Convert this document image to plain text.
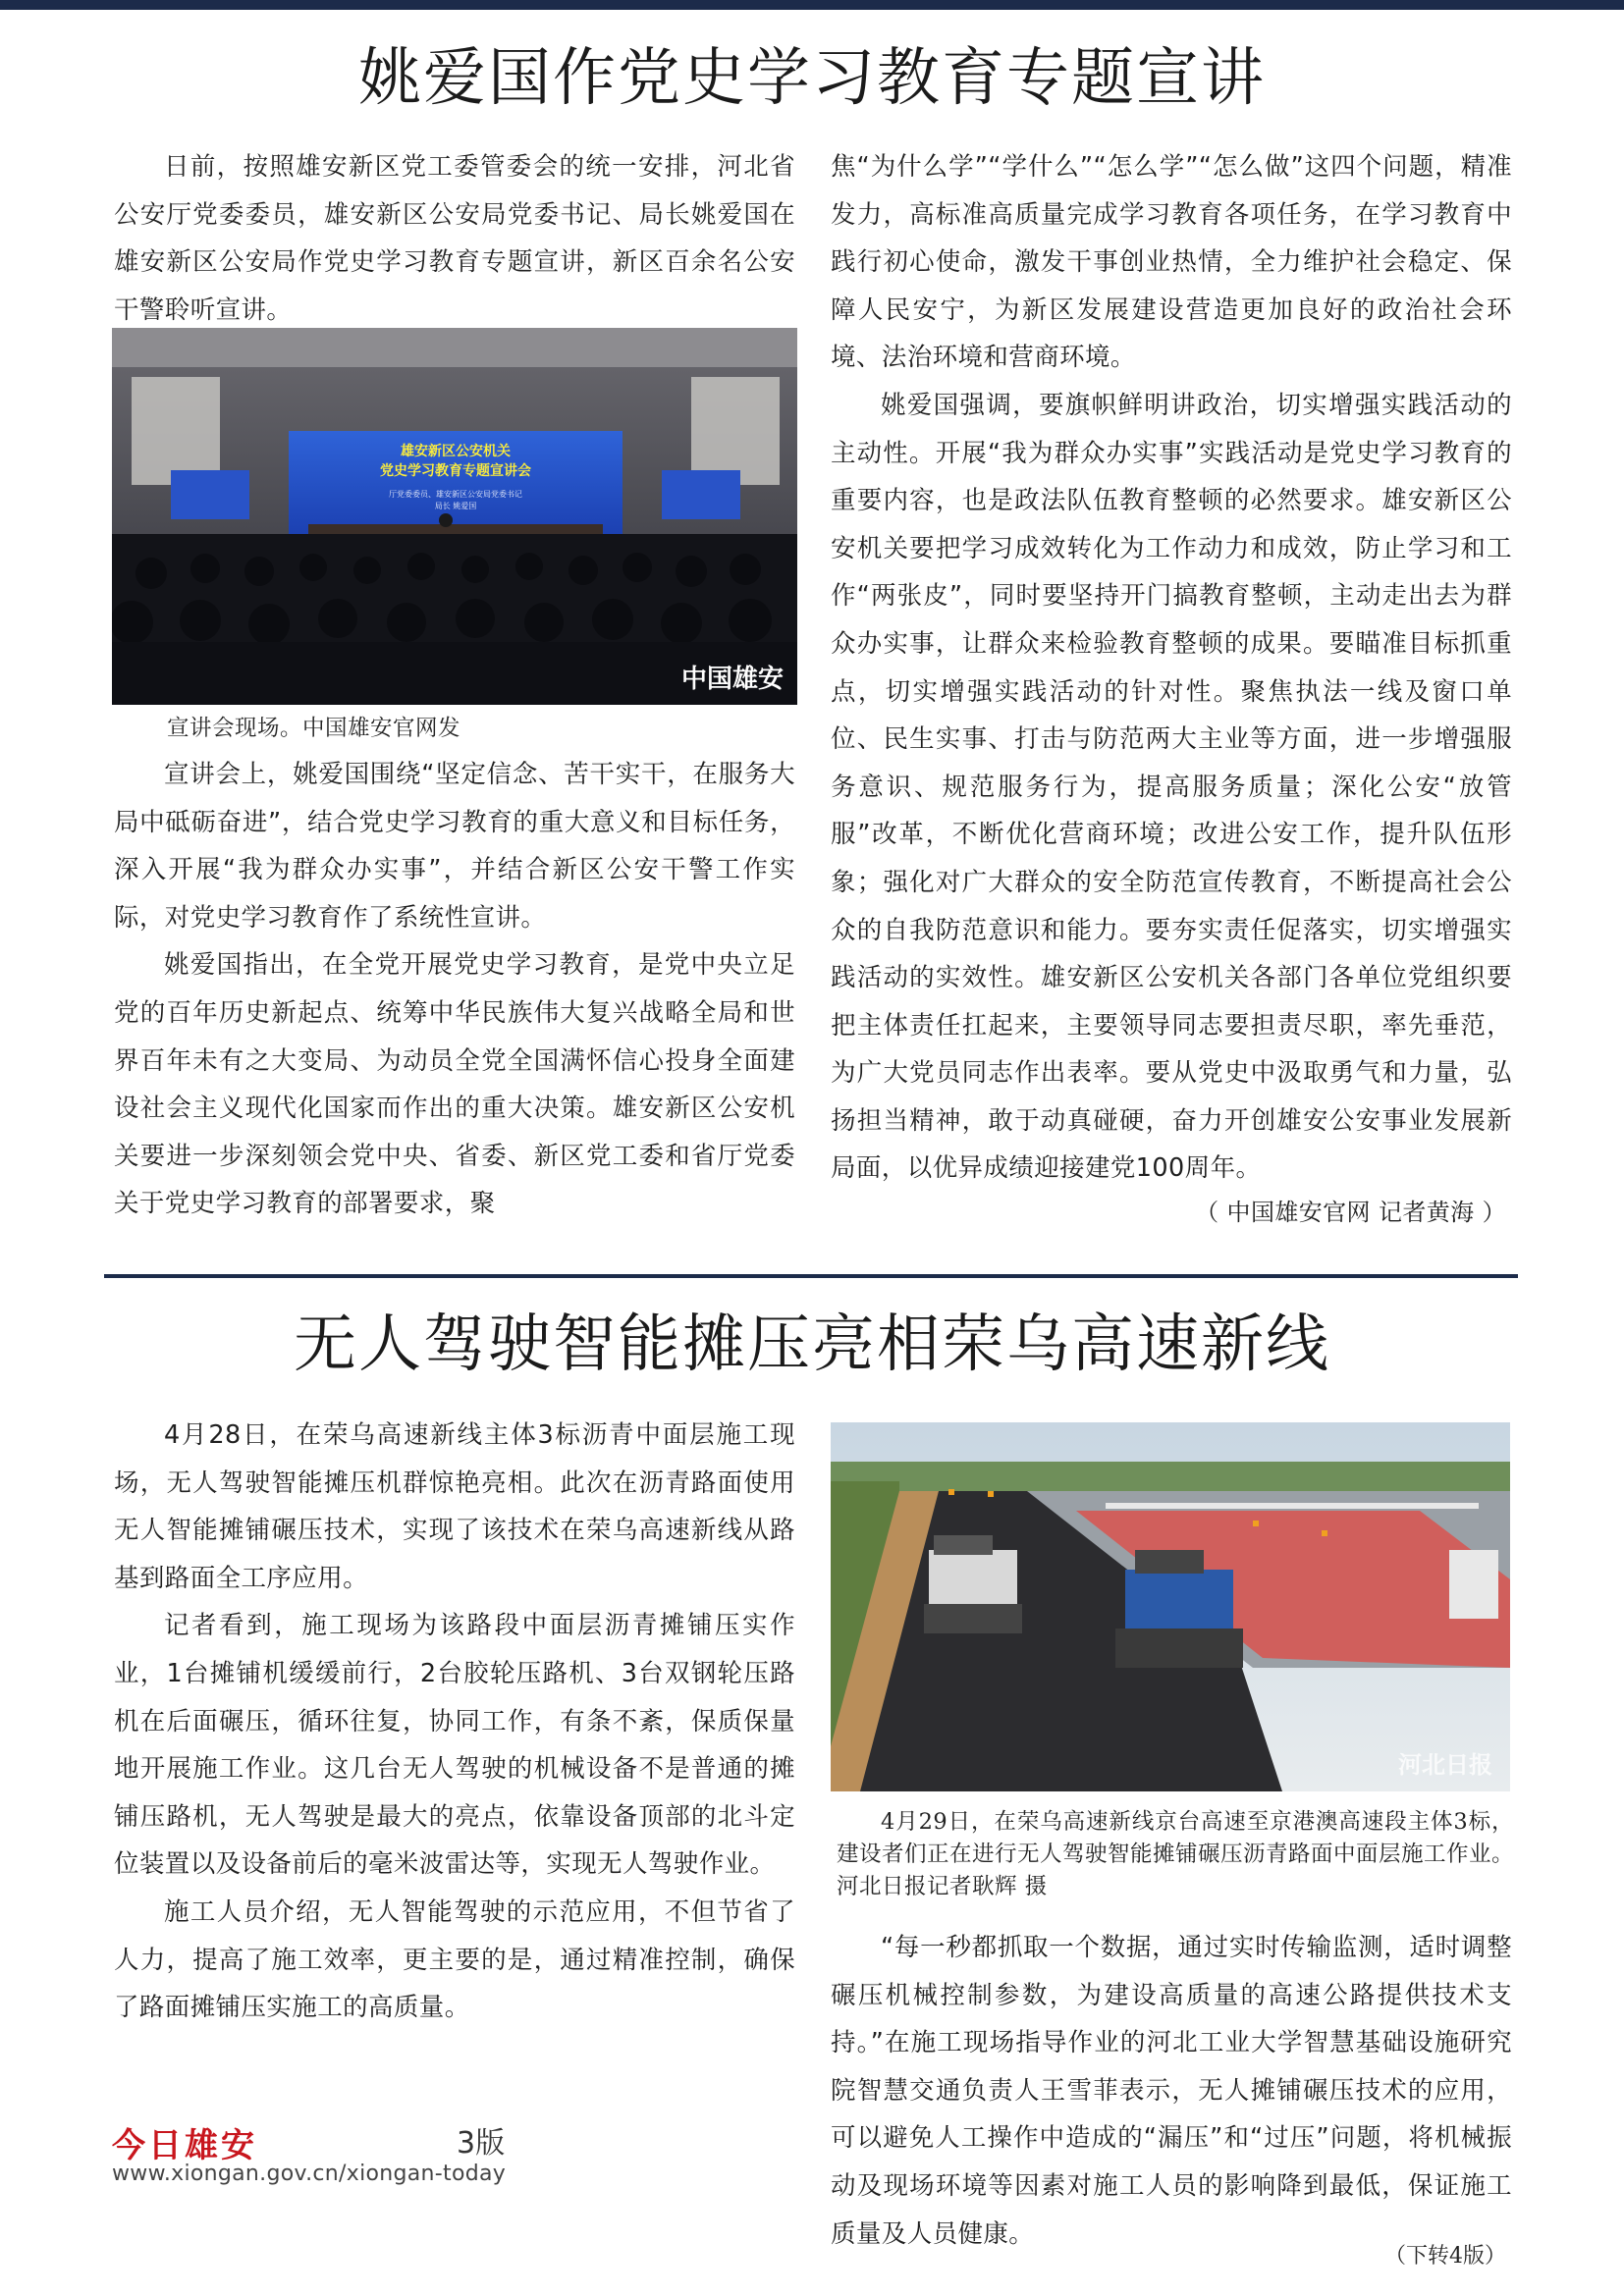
姚爱国作党史学习教育专题宣讲

日前，按照雄安新区党工委管委会的统一安排，河北省公安厅党委委员，雄安新区公安局党委书记、局长姚爱国在雄安新区公安局作党史学习教育专题宣讲，新区百余名公安干警聆听宣讲。

雄安新区公安机关
党史学习教育专题宣讲会
厅党委委员、雄安新区公安局党委书记
局长 姚爱国
中国雄安
宣讲会现场。中国雄安官网发

宣讲会上，姚爱国围绕“坚定信念、苦干实干，在服务大局中砥砺奋进”，结合党史学习教育的重大意义和目标任务，深入开展“我为群众办实事”，并结合新区公安干警工作实际，对党史学习教育作了系统性宣讲。

姚爱国指出，在全党开展党史学习教育，是党中央立足党的百年历史新起点、统筹中华民族伟大复兴战略全局和世界百年未有之大变局、为动员全党全国满怀信心投身全面建设社会主义现代化国家而作出的重大决策。雄安新区公安机关要进一步深刻领会党中央、省委、新区党工委和省厅党委关于党史学习教育的部署要求，聚

焦“为什么学”“学什么”“怎么学”“怎么做”这四个问题，精准发力，高标准高质量完成学习教育各项任务，在学习教育中践行初心使命，激发干事创业热情，全力维护社会稳定、保障人民安宁，为新区发展建设营造更加良好的政治社会环境、法治环境和营商环境。

姚爱国强调，要旗帜鲜明讲政治，切实增强实践活动的主动性。开展“我为群众办实事”实践活动是党史学习教育的重要内容，也是政法队伍教育整顿的必然要求。雄安新区公安机关要把学习成效转化为工作动力和成效，防止学习和工作“两张皮”，同时要坚持开门搞教育整顿，主动走出去为群众办实事，让群众来检验教育整顿的成果。要瞄准目标抓重点，切实增强实践活动的针对性。聚焦执法一线及窗口单位、民生实事、打击与防范两大主业等方面，进一步增强服务意识、规范服务行为，提高服务质量；深化公安“放管服”改革，不断优化营商环境；改进公安工作，提升队伍形象；强化对广大群众的安全防范宣传教育，不断提高社会公众的自我防范意识和能力。要夯实责任促落实，切实增强实践活动的实效性。雄安新区公安机关各部门各单位党组织要把主体责任扛起来，主要领导同志要担责尽职，率先垂范，为广大党员同志作出表率。要从党史中汲取勇气和力量，弘扬担当精神，敢于动真碰硬，奋力开创雄安公安事业发展新局面，以优异成绩迎接建党100周年。

（ 中国雄安官网 记者黄海 ）
无人驾驶智能摊压亮相荣乌高速新线

4月28日，在荣乌高速新线主体3标沥青中面层施工现场，无人驾驶智能摊压机群惊艳亮相。此次在沥青路面使用无人智能摊铺碾压技术，实现了该技术在荣乌高速新线从路基到路面全工序应用。

记者看到，施工现场为该路段中面层沥青摊铺压实作业，1台摊铺机缓缓前行，2台胶轮压路机、3台双钢轮压路机在后面碾压，循环往复，协同工作，有条不紊，保质保量地开展施工作业。这几台无人驾驶的机械设备不是普通的摊铺压路机，无人驾驶是最大的亮点，依靠设备顶部的北斗定位装置以及设备前后的毫米波雷达等，实现无人驾驶作业。

施工人员介绍，无人智能驾驶的示范应用，不但节省了人力，提高了施工效率，更主要的是，通过精准控制，确保了路面摊铺压实施工的高质量。

河北日报
4月29日，在荣乌高速新线京台高速至京港澳高速段主体3标，建设者们正在进行无人驾驶智能摊铺碾压沥青路面中面层施工作业。河北日报记者耿辉 摄

“每一秒都抓取一个数据，通过实时传输监测，适时调整碾压机械控制参数，为建设高质量的高速公路提供技术支持。”在施工现场指导作业的河北工业大学智慧基础设施研究院智慧交通负责人王雪菲表示，无人摊铺碾压技术的应用，可以避免人工操作中造成的“漏压”和“过压”问题，将机械振动及现场环境等因素对施工人员的影响降到最低，保证施工质量及人员健康。

（下转4版）
今日雄安	3版
www.xiongan.gov.cn/xiongan-today
